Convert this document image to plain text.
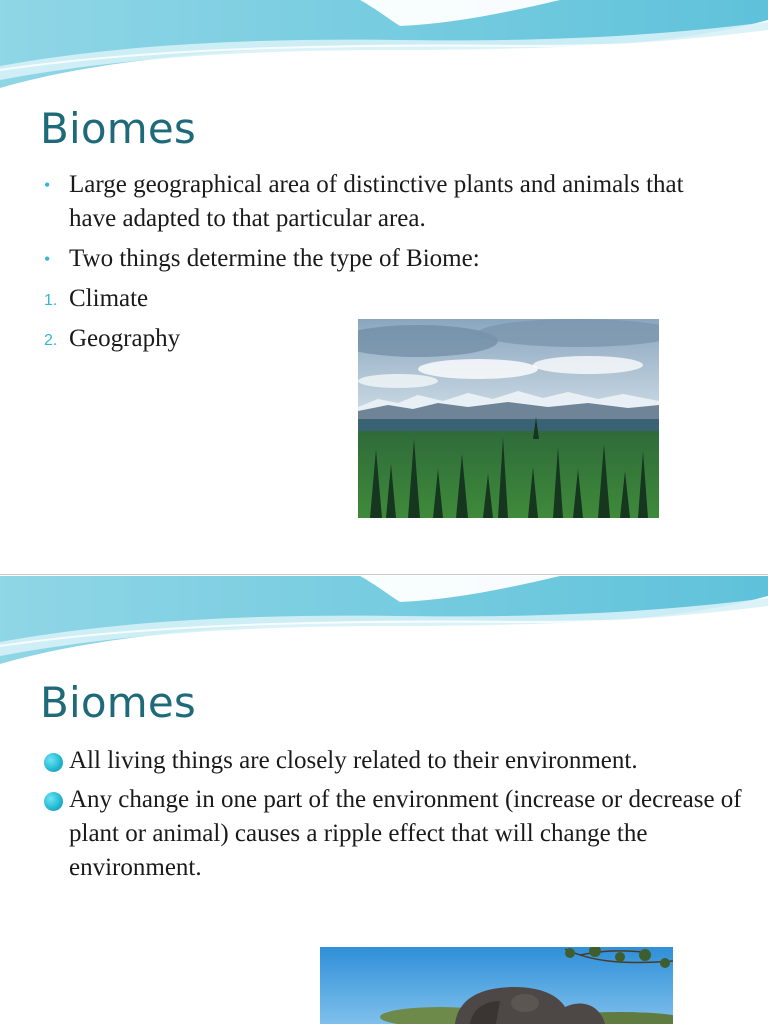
Biomes
• Large geographical area of distinctive plants and animals that have adapted to that particular area.
• Two things determine the type of Biome:
1. Climate
2. Geography
Biomes
All living things are closely related to their environment.
Any change in one part of the environment (increase or decrease of plant or animal) causes a ripple effect that will change the environment.
